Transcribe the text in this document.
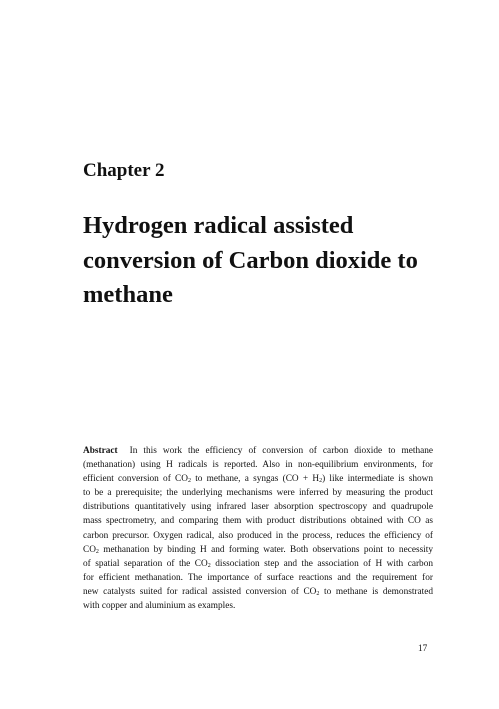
Chapter 2
Hydrogen radical assisted
conversion of Carbon dioxide to
methane
Abstract In this work the efficiency of conversion of carbon dioxide to methane
(methanation) using H radicals is reported. Also in non-equilibrium environments, for
efficient conversion of $CO_2$ to methane, a syngas $(CO + H_2)$ like intermediate is shown
to be a prerequisite; the underlying mechanisms were inferred by measuring the product
distributions quantitatively using infrared laser absorption spectroscopy and quadrupole
mass spectrometry, and comparing them with product distributions obtained with CO as
carbon precursor. Oxygen radical, also produced in the process, reduces the efficiency of
$CO_2$ methanation by binding H and forming water. Both observations point to necessity
of spatial separation of the $CO_2$ dissociation step and the association of H with carbon
for efficient methanation. The importance of surface reactions and the requirement for
new catalysts suited for radical assisted conversion of $CO_2$ to methane is demonstrated
with copper and aluminium as examples.
17
